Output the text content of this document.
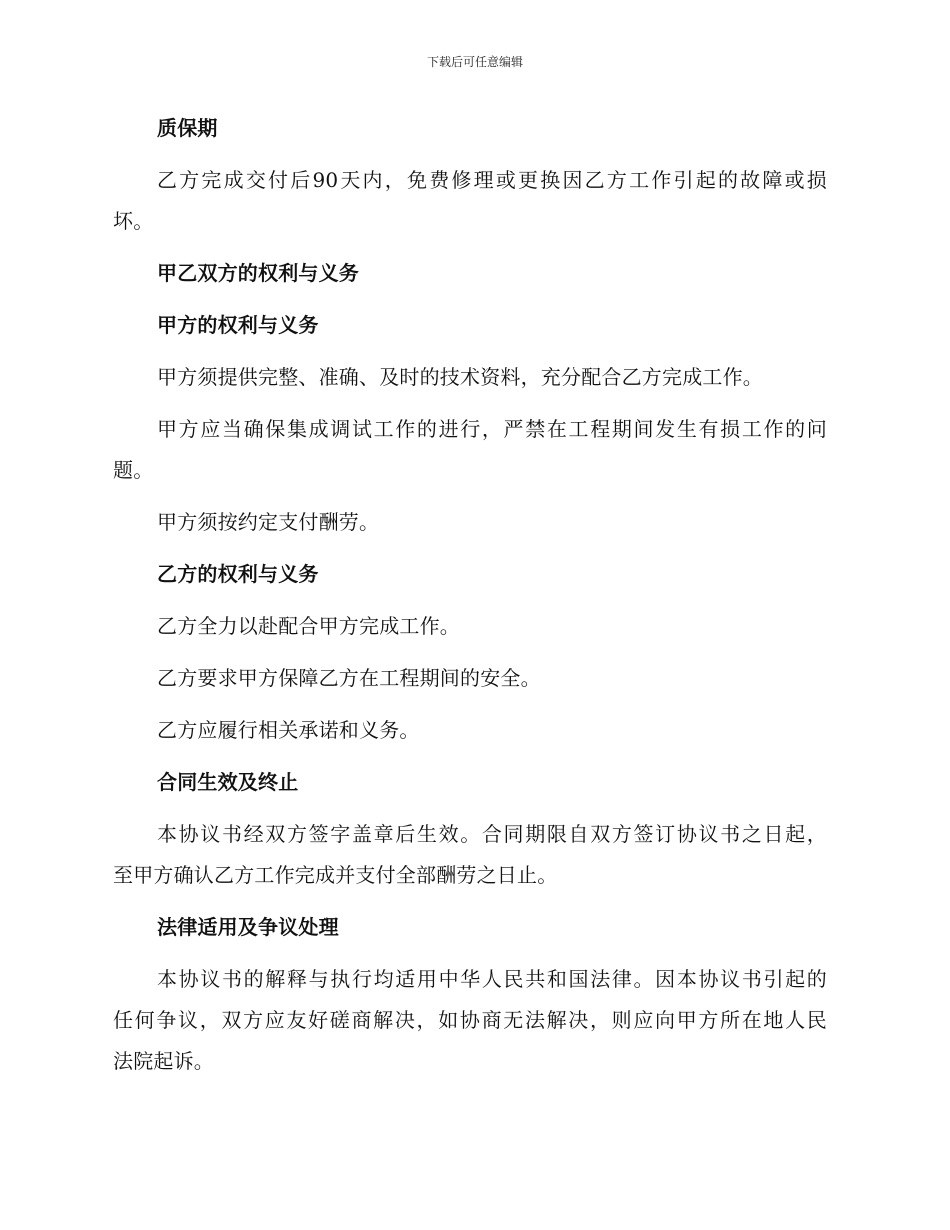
下载后可任意编辑
质保期
乙方完成交付后90天内，免费修理或更换因乙方工作引起的故障或损
坏。
甲乙双方的权利与义务
甲方的权利与义务
甲方须提供完整、准确、及时的技术资料，充分配合乙方完成工作。
甲方应当确保集成调试工作的进行，严禁在工程期间发生有损工作的问
题。
甲方须按约定支付酬劳。
乙方的权利与义务
乙方全力以赴配合甲方完成工作。
乙方要求甲方保障乙方在工程期间的安全。
乙方应履行相关承诺和义务。
合同生效及终止
本协议书经双方签字盖章后生效。合同期限自双方签订协议书之日起，
至甲方确认乙方工作完成并支付全部酬劳之日止。
法律适用及争议处理
本协议书的解释与执行均适用中华人民共和国法律。因本协议书引起的
任何争议，双方应友好磋商解决，如协商无法解决，则应向甲方所在地人民
法院起诉。
